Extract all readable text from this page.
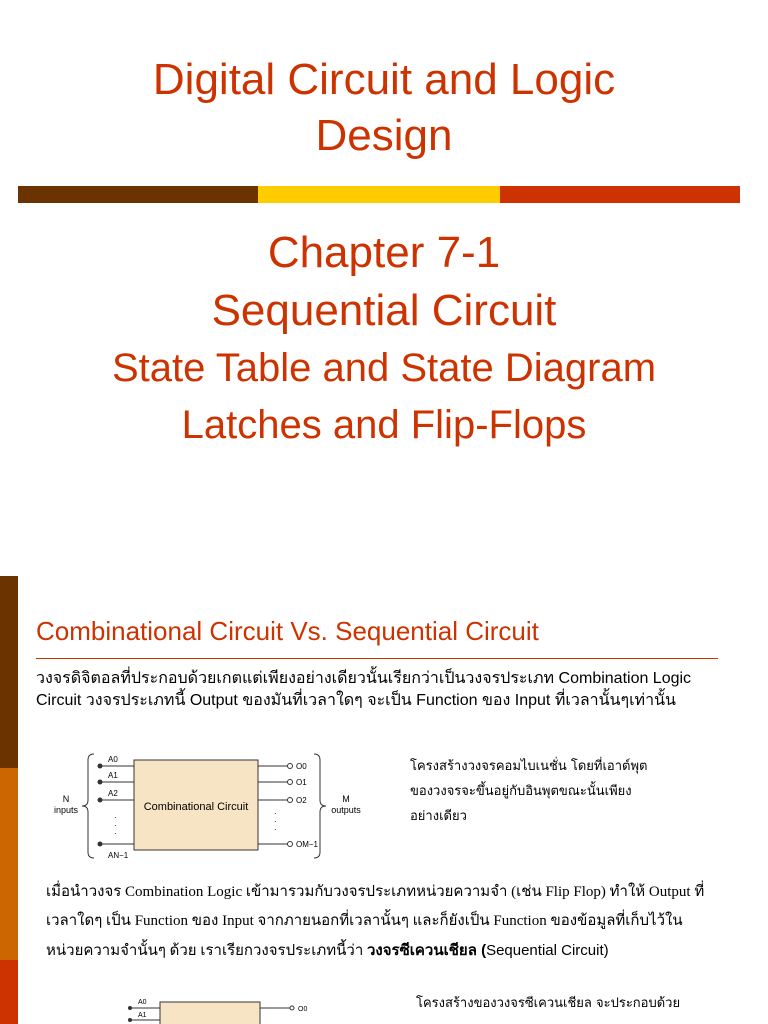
Digital Circuit and Logic
Design
Chapter 7-1
Sequential Circuit
State Table and State Diagram
Latches and Flip-Flops
Combinational Circuit Vs. Sequential Circuit
วงจรดิจิตอลที่ประกอบด้วยเกตแต่เพียงอย่างเดียวนั้นเรียกว่าเป็นวงจรประเภท Combination Logic Circuit วงจรประเภทนี้ Output ของมันที่เวลาใดๆ จะเป็น Function ของ Input ที่เวลานั้นๆเท่านั้น
Combinational Circuit
N
inputs
A0
A1
A2
AN−1
·
·
·
O0
O1
O2
OM−1
·
·
·
M
outputs
โครงสร้างวงจรคอมไบเนชั่น โดยที่เอาต์พุตของวงจรจะขึ้นอยู่กับอินพุตขณะนั้นเพียงอย่างเดียว
เมื่อนำวงจร Combination Logic เข้ามารวมกับวงจรประเภทหน่วยความจำ (เช่น Flip Flop) ทำให้ Output ที่เวลาใดๆ เป็น Function ของ Input จากภายนอกที่เวลานั้นๆ และก็ยังเป็น Function ของข้อมูลที่เก็บไว้ในหน่วยความจำนั้นๆ ด้วย เราเรียกวงจรประเภทนี้ว่า วงจรซีเควนเชียล (Sequential Circuit)
A0
A1
O0	โครงสร้างของวงจรซีเควนเชียล จะประกอบด้วย
